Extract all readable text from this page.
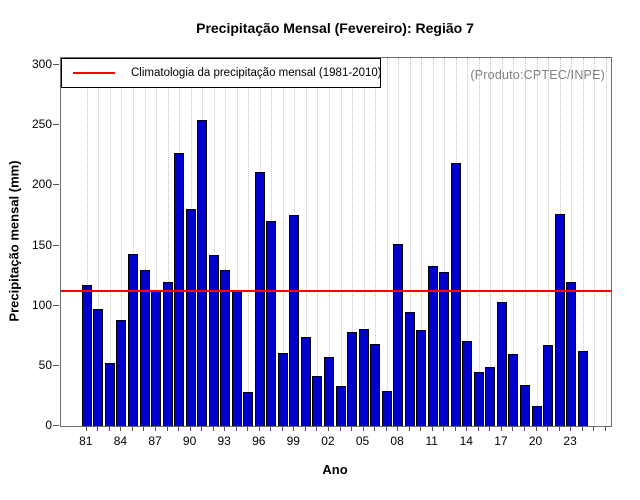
Precipitação Mensal (Fevereiro): Região 7
Precipitação mensal (mm)
Climatologia da precipitação mensal (1981-2010)	(Produto:CPTEC/INPE)
0
50
100
150
200
250
300
81	84	87	90	93	96	99	02	05	08	11	14	17	20	23
Ano
